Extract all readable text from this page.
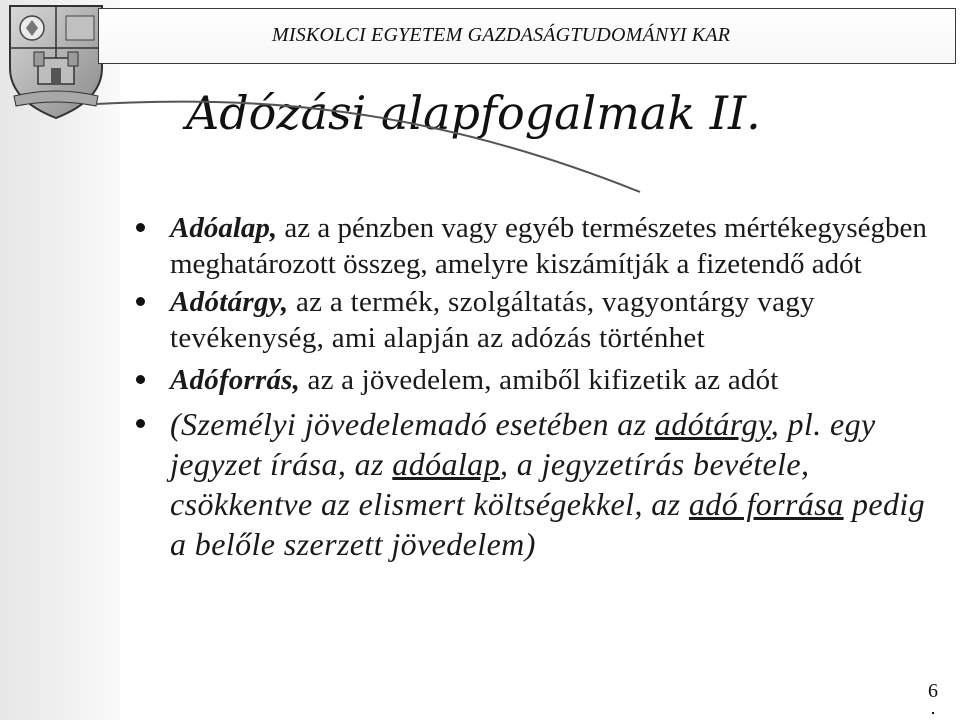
MISKOLCI EGYETEM GAZDASÁGTUDOMÁNYI KAR
Adózási alapfogalmak II.
Adóalap, az a pénzben vagy egyéb természetes mértékegységben meghatározott összeg, amelyre kiszámítják a fizetendő adót
Adótárgy, az a termék, szolgáltatás, vagyontárgy vagy tevékenység, ami alapján az adózás történhet
Adóforrás, az a jövedelem, amiből kifizetik az adót
(Személyi jövedelemadó esetében az adótárgy, pl. egy jegyzet írása, az adóalap, a jegyzetírás bevétele, csökkentve az elismert költségekkel, az adó forrása pedig a belőle szerzett jövedelem)
6
